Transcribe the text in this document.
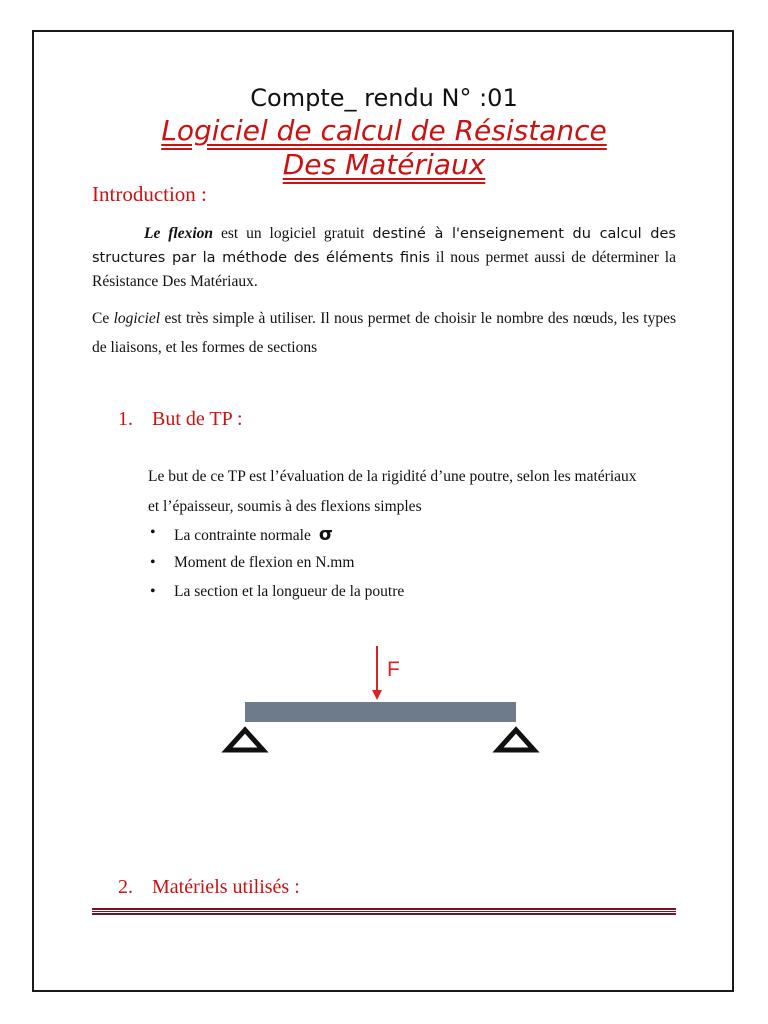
Compte_ rendu N° :01
Logiciel de calcul de Résistance
Des Matériaux
Introduction :
Le flexion est un logiciel gratuit destiné à l'enseignement du calcul des structures par la méthode des éléments finis il nous permet aussi de déterminer la Résistance Des Matériaux.
Ce logiciel est très simple à utiliser. Il nous permet de choisir le nombre des nœuds, les types de liaisons, et les formes de sections
1. But de TP :
Le but de ce TP est l’évaluation de la rigidité d’une poutre, selon les matériaux et l’épaisseur, soumis à des flexions simples
• La contrainte normale σ
• Moment de flexion en N.mm
• La section et la longueur de la poutre
F
2. Matériels utilisés :
